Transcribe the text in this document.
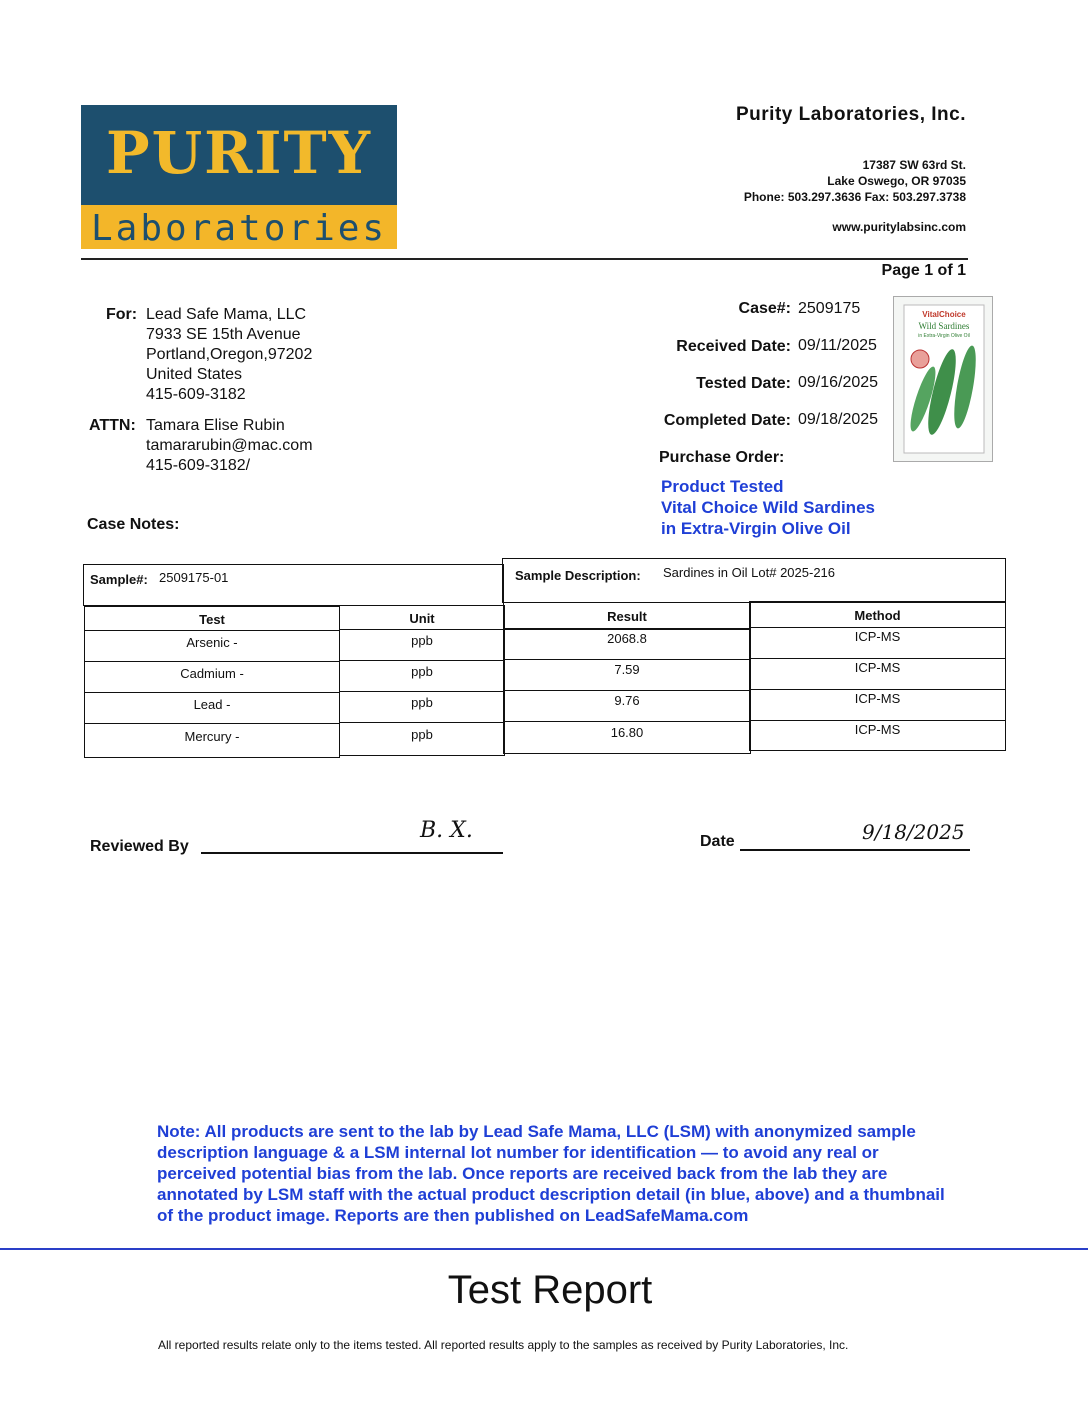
PURITY
Laboratories
Purity Laboratories, Inc.
17387 SW 63rd St.
Lake Oswego, OR 97035
Phone: 503.297.3636 Fax: 503.297.3738
www.puritylabsinc.com
Page 1 of 1
For: Lead Safe Mama, LLC
7933 SE 15th Avenue
Portland,Oregon,97202
United States
415-609-3182
ATTN: Tamara Elise Rubin
tamararubin@mac.com
415-609-3182/
Case Notes:
Case#: 2509175
Received Date: 09/11/2025
Tested Date: 09/16/2025
Completed Date: 09/18/2025
Purchase Order:
Product Tested
Vital Choice Wild Sardines
in Extra-Virgin Olive Oil
VitalChoice
Wild Sardines
in Extra-Virgin Olive Oil
Sample#: 2509175-01	Sample Description: Sardines in Oil Lot# 2025-216
Test	Unit	Result	Method
Arsenic -	ppb	2068.8	ICP-MS
Cadmium -	ppb	7.59	ICP-MS
Lead -	ppb	9.76	ICP-MS
Mercury -	ppb	16.80	ICP-MS
Reviewed By
B. X.	Date	9/18/2025
Note: All products are sent to the lab by Lead Safe Mama, LLC (LSM) with anonymized sample description language & a LSM internal lot number for identification — to avoid any real or perceived potential bias from the lab. Once reports are received back from the lab they are annotated by LSM staff with the actual product description detail (in blue, above) and a thumbnail of the product image. Reports are then published on LeadSafeMama.com
Test Report
All reported results relate only to the items tested. All reported results apply to the samples as received by Purity Laboratories, Inc.
